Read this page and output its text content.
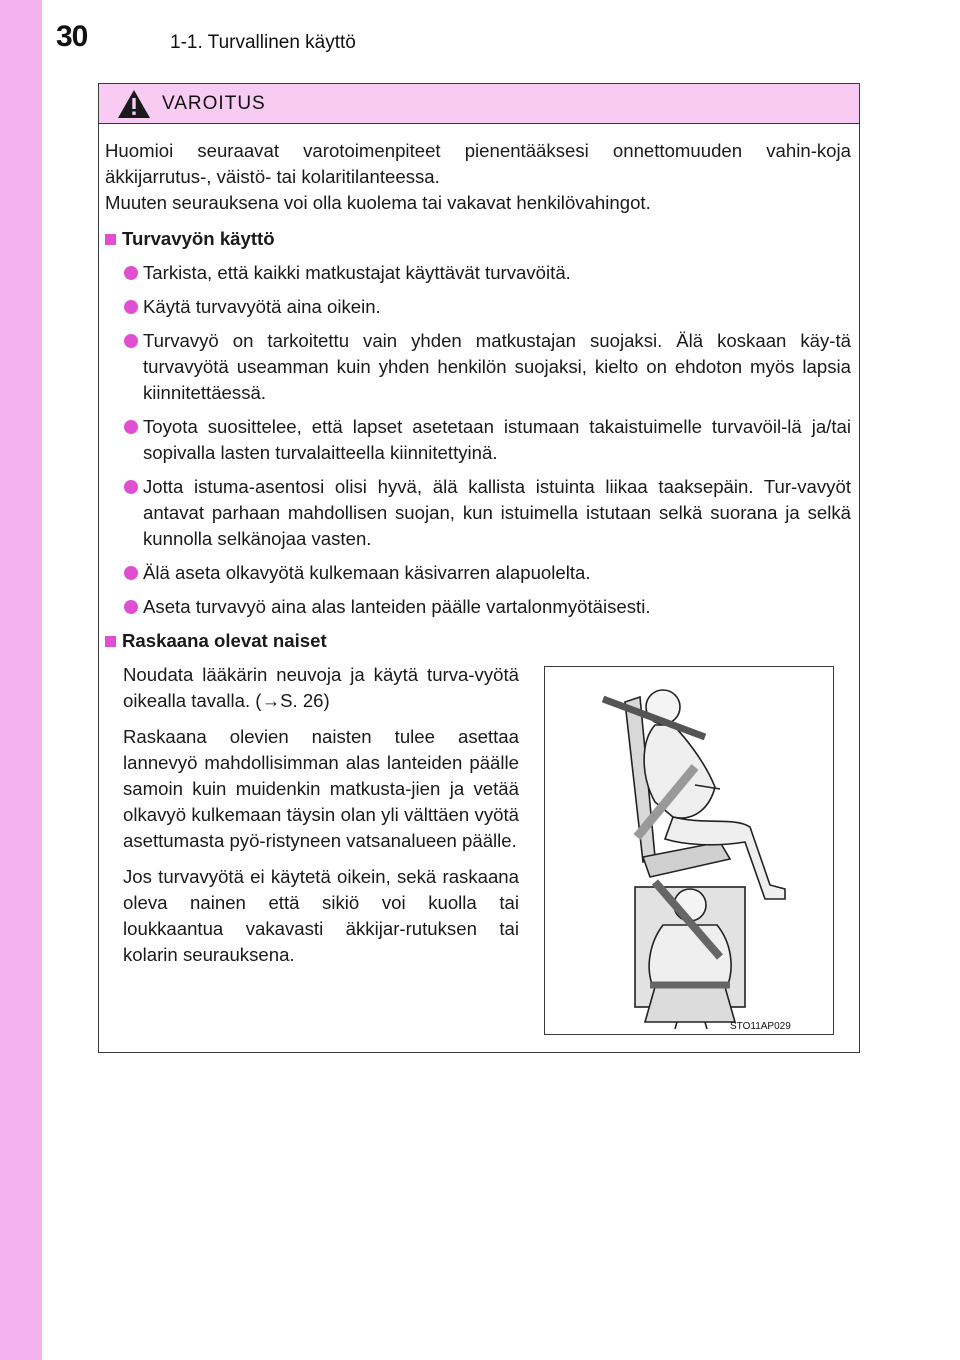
30	1-1. Turvallinen käyttö
VAROITUS

Huomioi seuraavat varotoimenpiteet pienentääksesi onnettomuuden vahin-koja äkkijarrutus-, väistö- tai kolaritilanteessa.
Muuten seurauksena voi olla kuolema tai vakavat henkilövahingot.

Turvavyön käyttö
Tarkista, että kaikki matkustajat käyttävät turvavöitä.
Käytä turvavyötä aina oikein.
Turvavyö on tarkoitettu vain yhden matkustajan suojaksi. Älä koskaan käy-tä turvavyötä useamman kuin yhden henkilön suojaksi, kielto on ehdoton myös lapsia kiinnitettäessä.
Toyota suosittelee, että lapset asetetaan istumaan takaistuimelle turvavöil-lä ja/tai sopivalla lasten turvalaitteella kiinnitettyinä.
Jotta istuma-asentosi olisi hyvä, älä kallista istuinta liikaa taaksepäin. Tur-vavyöt antavat parhaan mahdollisen suojan, kun istuimella istutaan selkä suorana ja selkä kunnolla selkänojaa vasten.
Älä aseta olkavyötä kulkemaan käsivarren alapuolelta.
Aseta turvavyö aina alas lanteiden päälle vartalonmyötäisesti.
Raskaana olevat naiset

Noudata lääkärin neuvoja ja käytä turva-vyötä oikealla tavalla. (→S. 26)

Raskaana olevien naisten tulee asettaa lannevyö mahdollisimman alas lanteiden päälle samoin kuin muidenkin matkusta-jien ja vetää olkavyö kulkemaan täysin olan yli välttäen vyötä asettumasta pyö-ristyneen vatsanalueen päälle.

Jos turvavyötä ei käytetä oikein, sekä raskaana oleva nainen että sikiö voi kuolla tai loukkaantua vakavasti äkkijar-rutuksen tai kolarin seurauksena.

STO11AP029
